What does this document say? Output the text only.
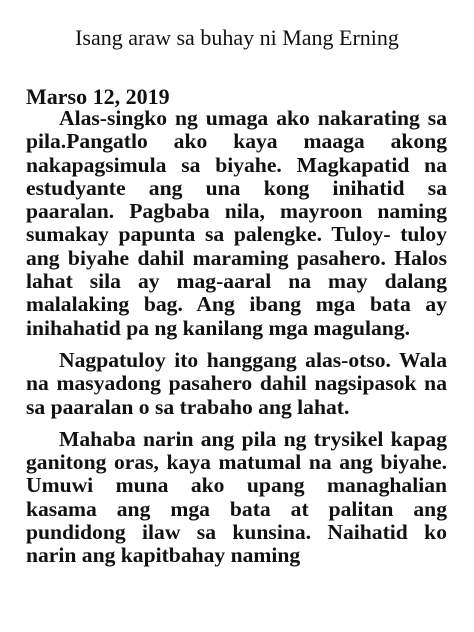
Isang araw sa buhay ni Mang Erning
Marso 12, 2019

Alas-singko ng umaga ako nakarating sa pila.Pangatlo ako kaya maaga akong nakapagsimula sa biyahe. Magkapatid na estudyante ang una kong inihatid sa paaralan. Pagbaba nila, mayroon naming sumakay papunta sa palengke. Tuloy- tuloy ang biyahe dahil maraming pasahero. Halos lahat sila ay mag-aaral na may dalang malalaking bag. Ang ibang mga bata ay inihahatid pa ng kanilang mga magulang.

Nagpatuloy ito hanggang alas-otso. Wala na masyadong pasahero dahil nagsipasok na sa paaralan o sa trabaho ang lahat.

Mahaba narin ang pila ng trysikel kapag ganitong oras, kaya matumal na ang biyahe. Umuwi muna ako upang managhalian kasama ang mga bata at palitan ang pundidong ilaw sa kunsina. Naihatid ko narin ang kapitbahay naming
